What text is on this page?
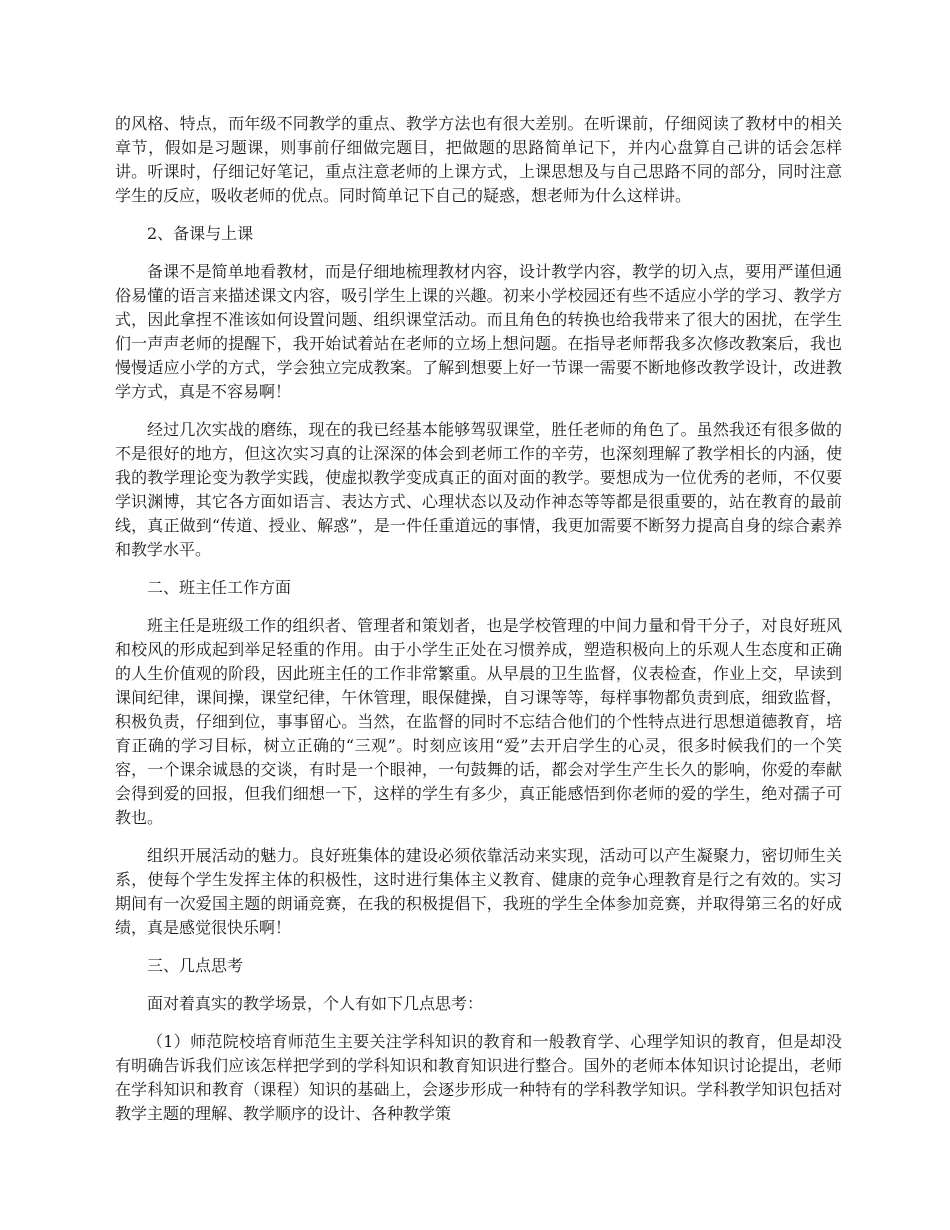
的风格、特点，而年级不同教学的重点、教学方法也有很大差别。在听课前，仔细阅读了教材中的相关章节，假如是习题课，则事前仔细做完题目，把做题的思路简单记下，并内心盘算自己讲的话会怎样讲。听课时，仔细记好笔记，重点注意老师的上课方式，上课思想及与自己思路不同的部分，同时注意学生的反应，吸收老师的优点。同时简单记下自己的疑惑，想老师为什么这样讲。

2、备课与上课

备课不是简单地看教材，而是仔细地梳理教材内容，设计教学内容，教学的切入点，要用严谨但通俗易懂的语言来描述课文内容，吸引学生上课的兴趣。初来小学校园还有些不适应小学的学习、教学方式，因此拿捏不准该如何设置问题、组织课堂活动。而且角色的转换也给我带来了很大的困扰，在学生们一声声老师的提醒下，我开始试着站在老师的立场上想问题。在指导老师帮我多次修改教案后，我也慢慢适应小学的方式，学会独立完成教案。了解到想要上好一节课一需要不断地修改教学设计，改进教学方式，真是不容易啊！

经过几次实战的磨练，现在的我已经基本能够驾驭课堂，胜任老师的角色了。虽然我还有很多做的不是很好的地方，但这次实习真的让深深的体会到老师工作的辛劳，也深刻理解了教学相长的内涵，使我的教学理论变为教学实践，使虚拟教学变成真正的面对面的教学。要想成为一位优秀的老师，不仅要学识渊博，其它各方面如语言、表达方式、心理状态以及动作神态等等都是很重要的，站在教育的最前线，真正做到“传道、授业、解惑”，是一件任重道远的事情，我更加需要不断努力提高自身的综合素养和教学水平。

二、班主任工作方面

班主任是班级工作的组织者、管理者和策划者，也是学校管理的中间力量和骨干分子，对良好班风和校风的形成起到举足轻重的作用。由于小学生正处在习惯养成，塑造积极向上的乐观人生态度和正确的人生价值观的阶段，因此班主任的工作非常繁重。从早晨的卫生监督，仪表检查，作业上交，早读到课间纪律，课间操，课堂纪律，午休管理，眼保健操，自习课等等，每样事物都负责到底，细致监督，积极负责，仔细到位，事事留心。当然，在监督的同时不忘结合他们的个性特点进行思想道德教育，培育正确的学习目标，树立正确的“三观”。时刻应该用“爱”去开启学生的心灵，很多时候我们的一个笑容，一个课余诚恳的交谈，有时是一个眼神，一句鼓舞的话，都会对学生产生长久的影响，你爱的奉献会得到爱的回报，但我们细想一下，这样的学生有多少，真正能感悟到你老师的爱的学生，绝对孺子可教也。

组织开展活动的魅力。良好班集体的建设必须依靠活动来实现，活动可以产生凝聚力，密切师生关系，使每个学生发挥主体的积极性，这时进行集体主义教育、健康的竞争心理教育是行之有效的。实习期间有一次爱国主题的朗诵竞赛，在我的积极提倡下，我班的学生全体参加竞赛，并取得第三名的好成绩，真是感觉很快乐啊！

三、几点思考

面对着真实的教学场景，个人有如下几点思考：

（1）师范院校培育师范生主要关注学科知识的教育和一般教育学、心理学知识的教育，但是却没有明确告诉我们应该怎样把学到的学科知识和教育知识进行整合。国外的老师本体知识讨论提出，老师在学科知识和教育（课程）知识的基础上，会逐步形成一种特有的学科教学知识。学科教学知识包括对教学主题的理解、教学顺序的设计、各种教学策
